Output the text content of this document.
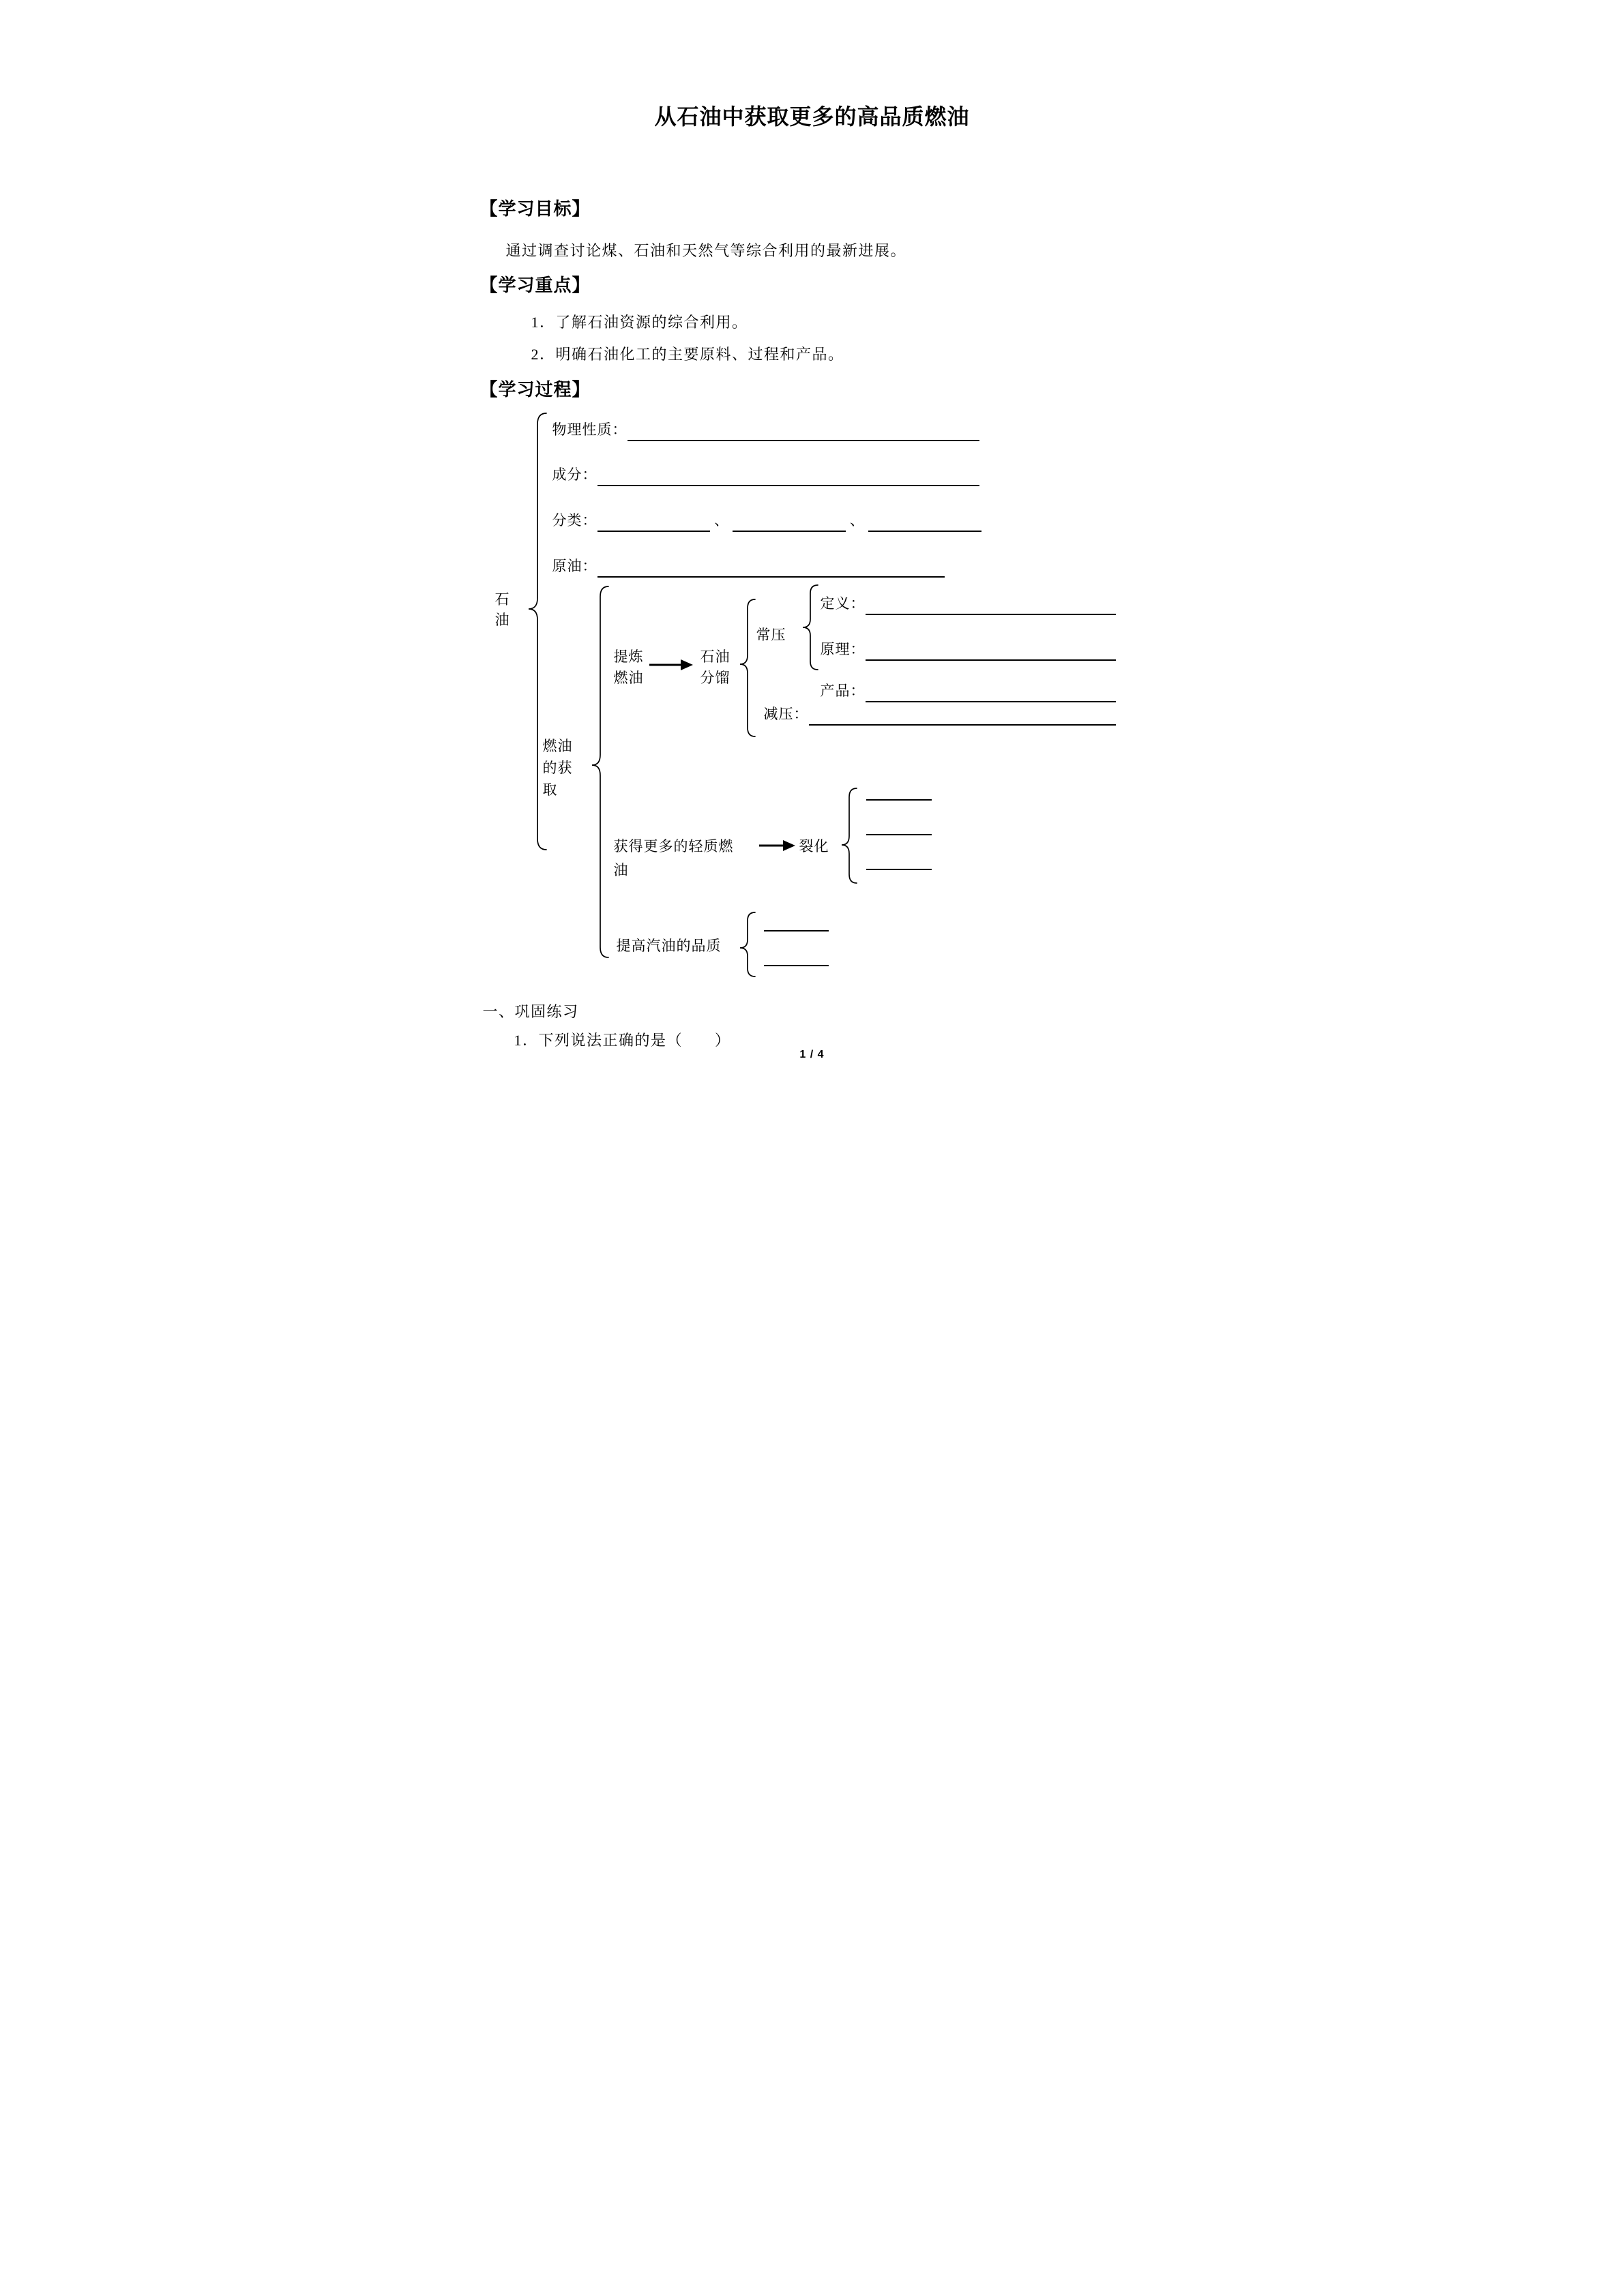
从石油中获取更多的高品质燃油
【学习目标】
通过调查讨论煤、石油和天然气等综合利用的最新进展。
【学习重点】
1．了解石油资源的综合利用。
2．明确石油化工的主要原料、过程和产品。
【学习过程】
石
油
物理性质：
成分：
分类：	、	、
原油：
提炼
燃油
石油
分馏
常压
定义：
原理：
产品：
减压：
燃油
的获
取
获得更多的轻质燃
油
裂化
提高汽油的品质
一、巩固练习
1．下列说法正确的是（　　）
1 / 4
